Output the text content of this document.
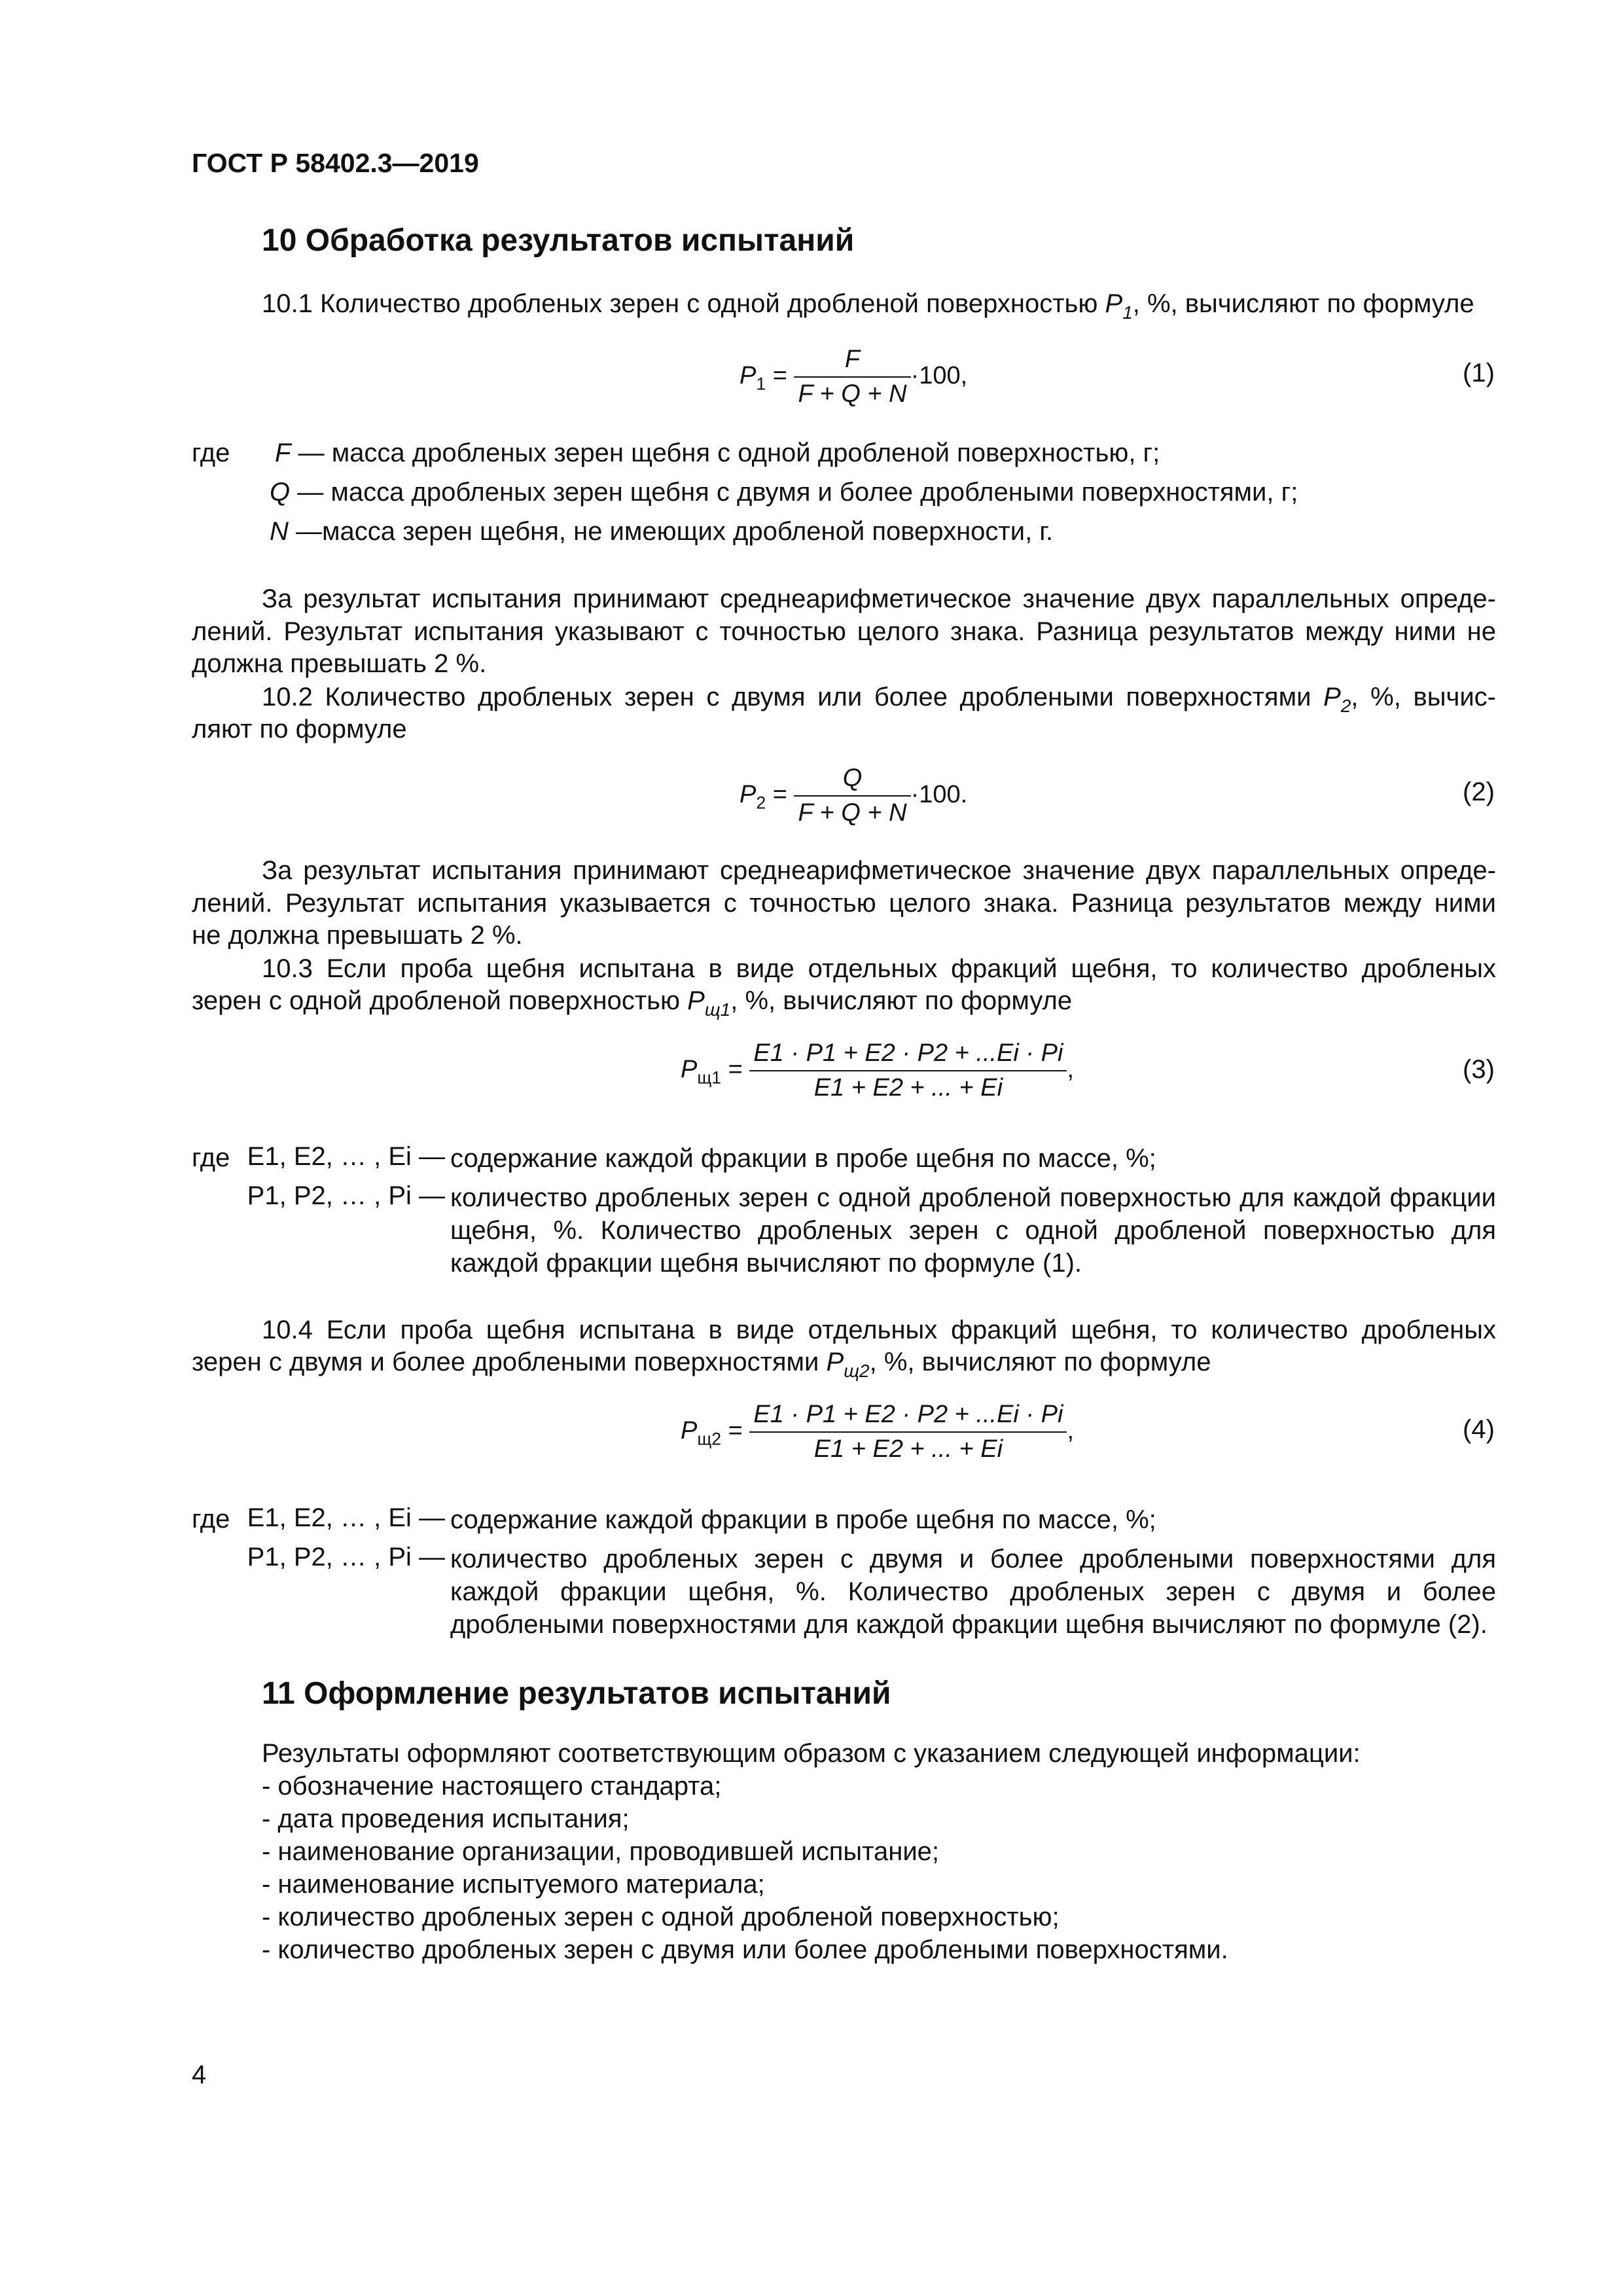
ГОСТ Р 58402.3—2019
10 Обработка результатов испытаний
10.1 Количество дробленых зерен с одной дробленой поверхностью $P_1$, %, вычисляют по формуле
$P_1 = \frac{F}{F + Q + N} \cdot 100$,	(1)
где F — масса дробленых зерен щебня с одной дробленой поверхностью, г;
Q — масса дробленых зерен щебня с двумя и более дроблеными поверхностями, г;
N —масса зерен щебня, не имеющих дробленой поверхности, г.
За результат испытания принимают среднеарифметическое значение двух параллельных опреде-
лений. Результат испытания указывают с точностью целого знака. Разница результатов между ними не
должна превышать 2 %.
10.2 Количество дробленых зерен с двумя или более дроблеными поверхностями $P_2$, %, вычис-
ляют по формуле
$P_2 = \frac{Q}{F + Q + N} \cdot 100$.	(2)
За результат испытания принимают среднеарифметическое значение двух параллельных опреде-
лений. Результат испытания указывается с точностью целого знака. Разница результатов между ними
не должна превышать 2 %.
10.3 Если проба щебня испытана в виде отдельных фракций щебня, то количество дробленых
зерен с одной дробленой поверхностью $P_{щ1}$, %, вычисляют по формуле
$P_{щ1} = \frac{E1 \cdot P1 + E2 \cdot P2 + ...Ei \cdot Pi}{E1 + E2 + ... + Ei}$ ,	(3)
где E1, E2, … , Ei — содержание каждой фракции в пробе щебня по массе, %;
P1, P2, … , Pi — количество дробленых зерен с одной дробленой поверхностью для каждой фракции щебня, %. Количество дробленых зерен с одной дробленой поверхностью для каждой фракции щебня вычисляют по формуле (1).
10.4 Если проба щебня испытана в виде отдельных фракций щебня, то количество дробленых
зерен с двумя и более дроблеными поверхностями $P_{щ2}$, %, вычисляют по формуле
$P_{щ2} = \frac{E1 \cdot P1 + E2 \cdot P2 + ...Ei \cdot Pi}{E1 + E2 + ... + Ei}$ ,	(4)
где E1, E2, … , Ei — содержание каждой фракции в пробе щебня по массе, %;
P1, P2, … , Pi — количество дробленых зерен с двумя и более дроблеными поверхностями для каждой фракции щебня, %. Количество дробленых зерен с двумя и более дроблеными поверхностями для каждой фракции щебня вычисляют по формуле (2).
11 Оформление результатов испытаний
Результаты оформляют соответствующим образом с указанием следующей информации:
- обозначение настоящего стандарта;
- дата проведения испытания;
- наименование организации, проводившей испытание;
- наименование испытуемого материала;
- количество дробленых зерен с одной дробленой поверхностью;
- количество дробленых зерен с двумя или более дроблеными поверхностями.
4
